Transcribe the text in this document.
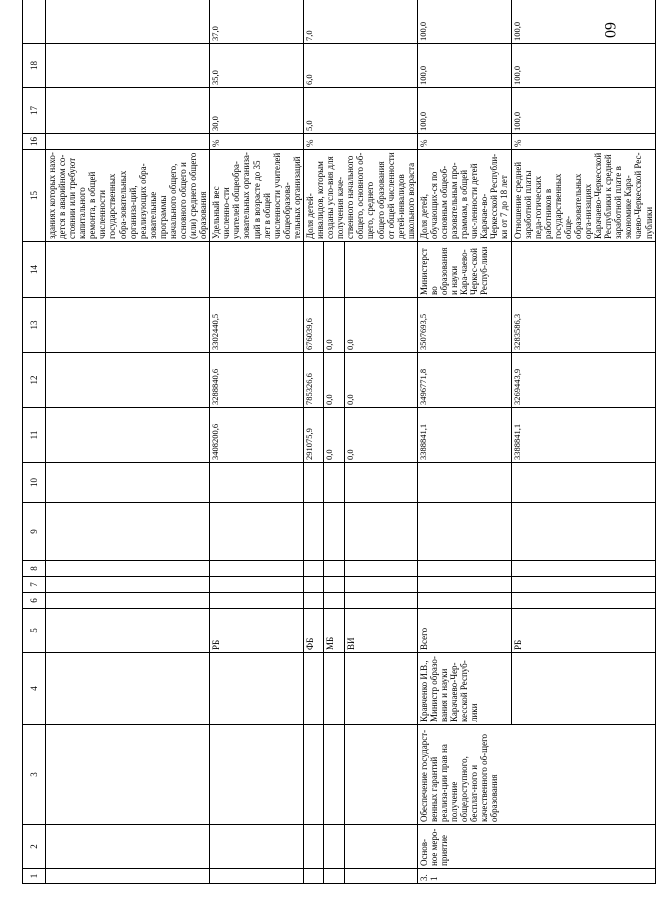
60
1	2	3	4	5	6	7	8	9	10	11	12	13	14	15	16	17	18	
														зданиях которых нахо-дется в аварийном со-стоянии или требуют капитального ремонта, в общей численности государственных обра-зовательных организа-ций, реализующих обра-зовательные программы начального общего, основного общего и (или) среднего общего образования				
				РБ						3408200,6	3288840,6	3302440,5		Удельный вес численно-сти учителей общеобра-зовательных организа-ций в возрасте до 35 лет в общей численности учителей общеобразова-тельных организаций	%	30,0	35,0	37,0
				ФБ						291075,9	785326,6	676039,6		Доля детей-инвалидов, которым созданы усло-вия для получения каче-ственного начального общего, основного об-щего, среднего общего образования от общей численности детей-инвалидов школьного возраста	%	5,0	6,0	7,0
				МБ						0,0	0,0	0,0						
				ВИ						0,0	0,0	0,0						
3.1	Основ-ное меро-приятие	Обеспечение государст-венных гарантий реализа-ции прав на получение общедоступного, бесплат-ного и качественного об-щего образования	Кравченко И.В., Министр образо-вания и науки Карачаево-Чер-кесской Респуб-лики	Всего						3388841,1	3496771,8	3507693,5	Министерство образования и науки Кара-чаево-Черкес-ской Респуб-лики	Доля детей, обучающих-ся по основным общеоб-разовательным про-граммам, в общей чис-ленности детей Карачае-во-Черкесской Республи-ки от 7 до 18 лет	%	100,0	100,0	100,0
				РБ						3388841,1	3269443,9	3283586,3		Отношение средней заработной платы педа-гогических работников в государственных обще-образовательных орга-низациях Карачаево-Черкесской Республики к средней заработной плате в экономике Кара-чаево-Черкесской Рес-публики	%	100,0	100,0	100,0
